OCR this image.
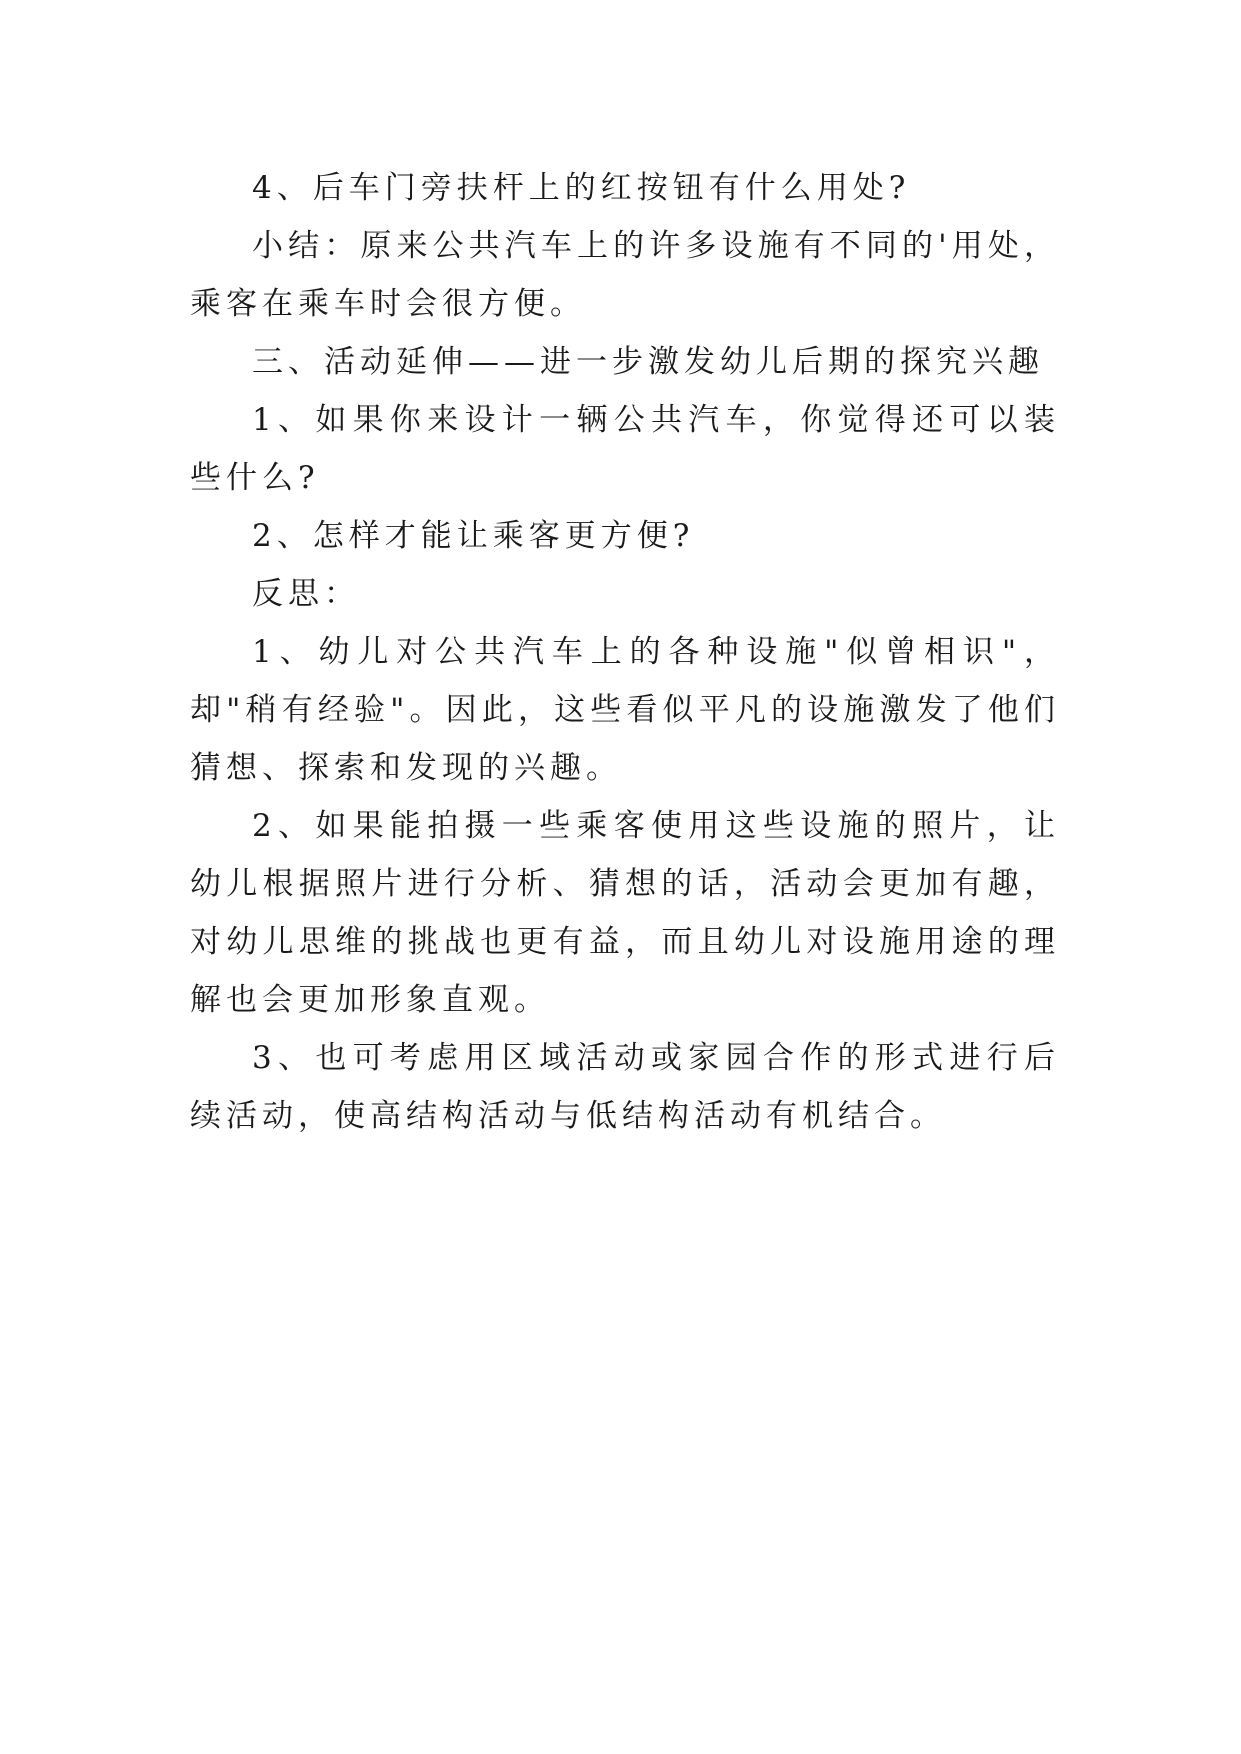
4、后车门旁扶杆上的红按钮有什么用处?

小结：原来公共汽车上的许多设施有不同的'用处，乘客在乘车时会很方便。

三、活动延伸——进一步激发幼儿后期的探究兴趣

1、如果你来设计一辆公共汽车，你觉得还可以装些什么?

2、怎样才能让乘客更方便?

反思：

1、幼儿对公共汽车上的各种设施"似曾相识"，却"稍有经验"。因此，这些看似平凡的设施激发了他们猜想、探索和发现的兴趣。

2、如果能拍摄一些乘客使用这些设施的照片，让幼儿根据照片进行分析、猜想的话，活动会更加有趣，对幼儿思维的挑战也更有益，而且幼儿对设施用途的理解也会更加形象直观。

3、也可考虑用区域活动或家园合作的形式进行后续活动，使高结构活动与低结构活动有机结合。
